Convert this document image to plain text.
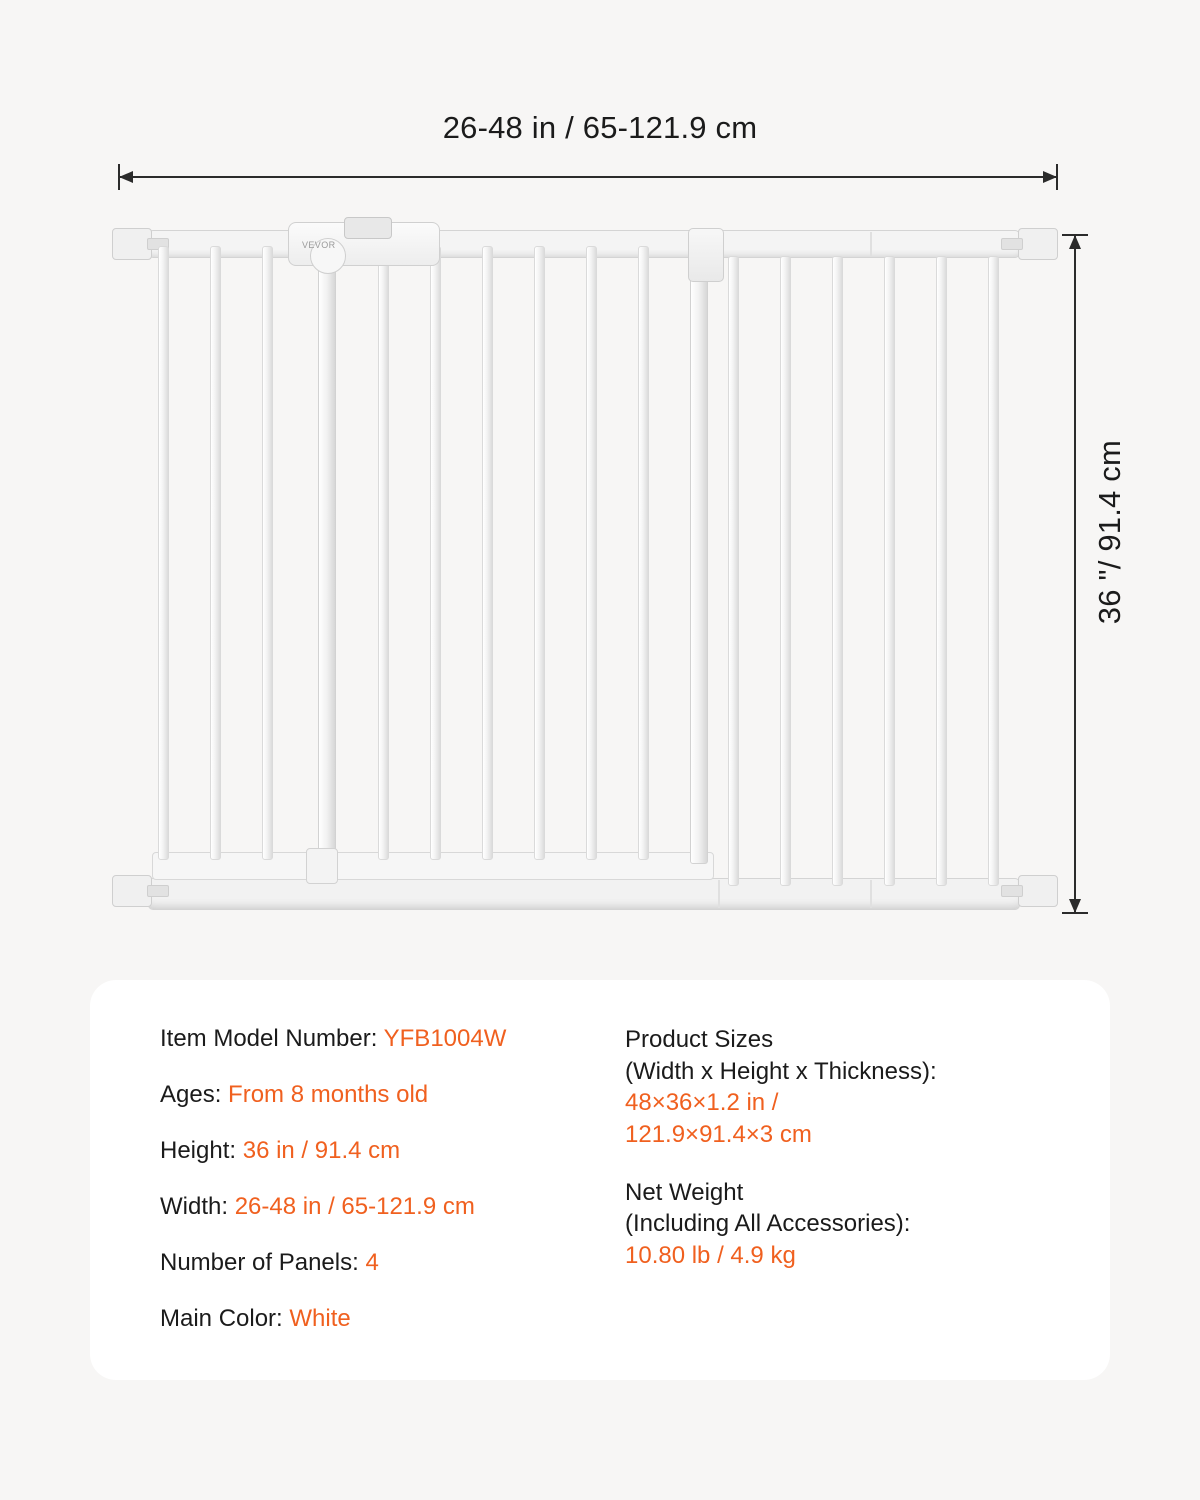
26-48 in / 65-121.9 cm
36 "/ 91.4 cm
VEVOR
Item Model Number: YFB1004W
Ages: From 8 months old
Height: 36 in / 91.4 cm
Width: 26-48 in / 65-121.9 cm
Number of Panels: 4
Main Color: White
Product Sizes
(Width x Height x Thickness):
48×36×1.2 in /
121.9×91.4×3 cm
Net Weight
(Including All Accessories):
10.80 lb / 4.9 kg
